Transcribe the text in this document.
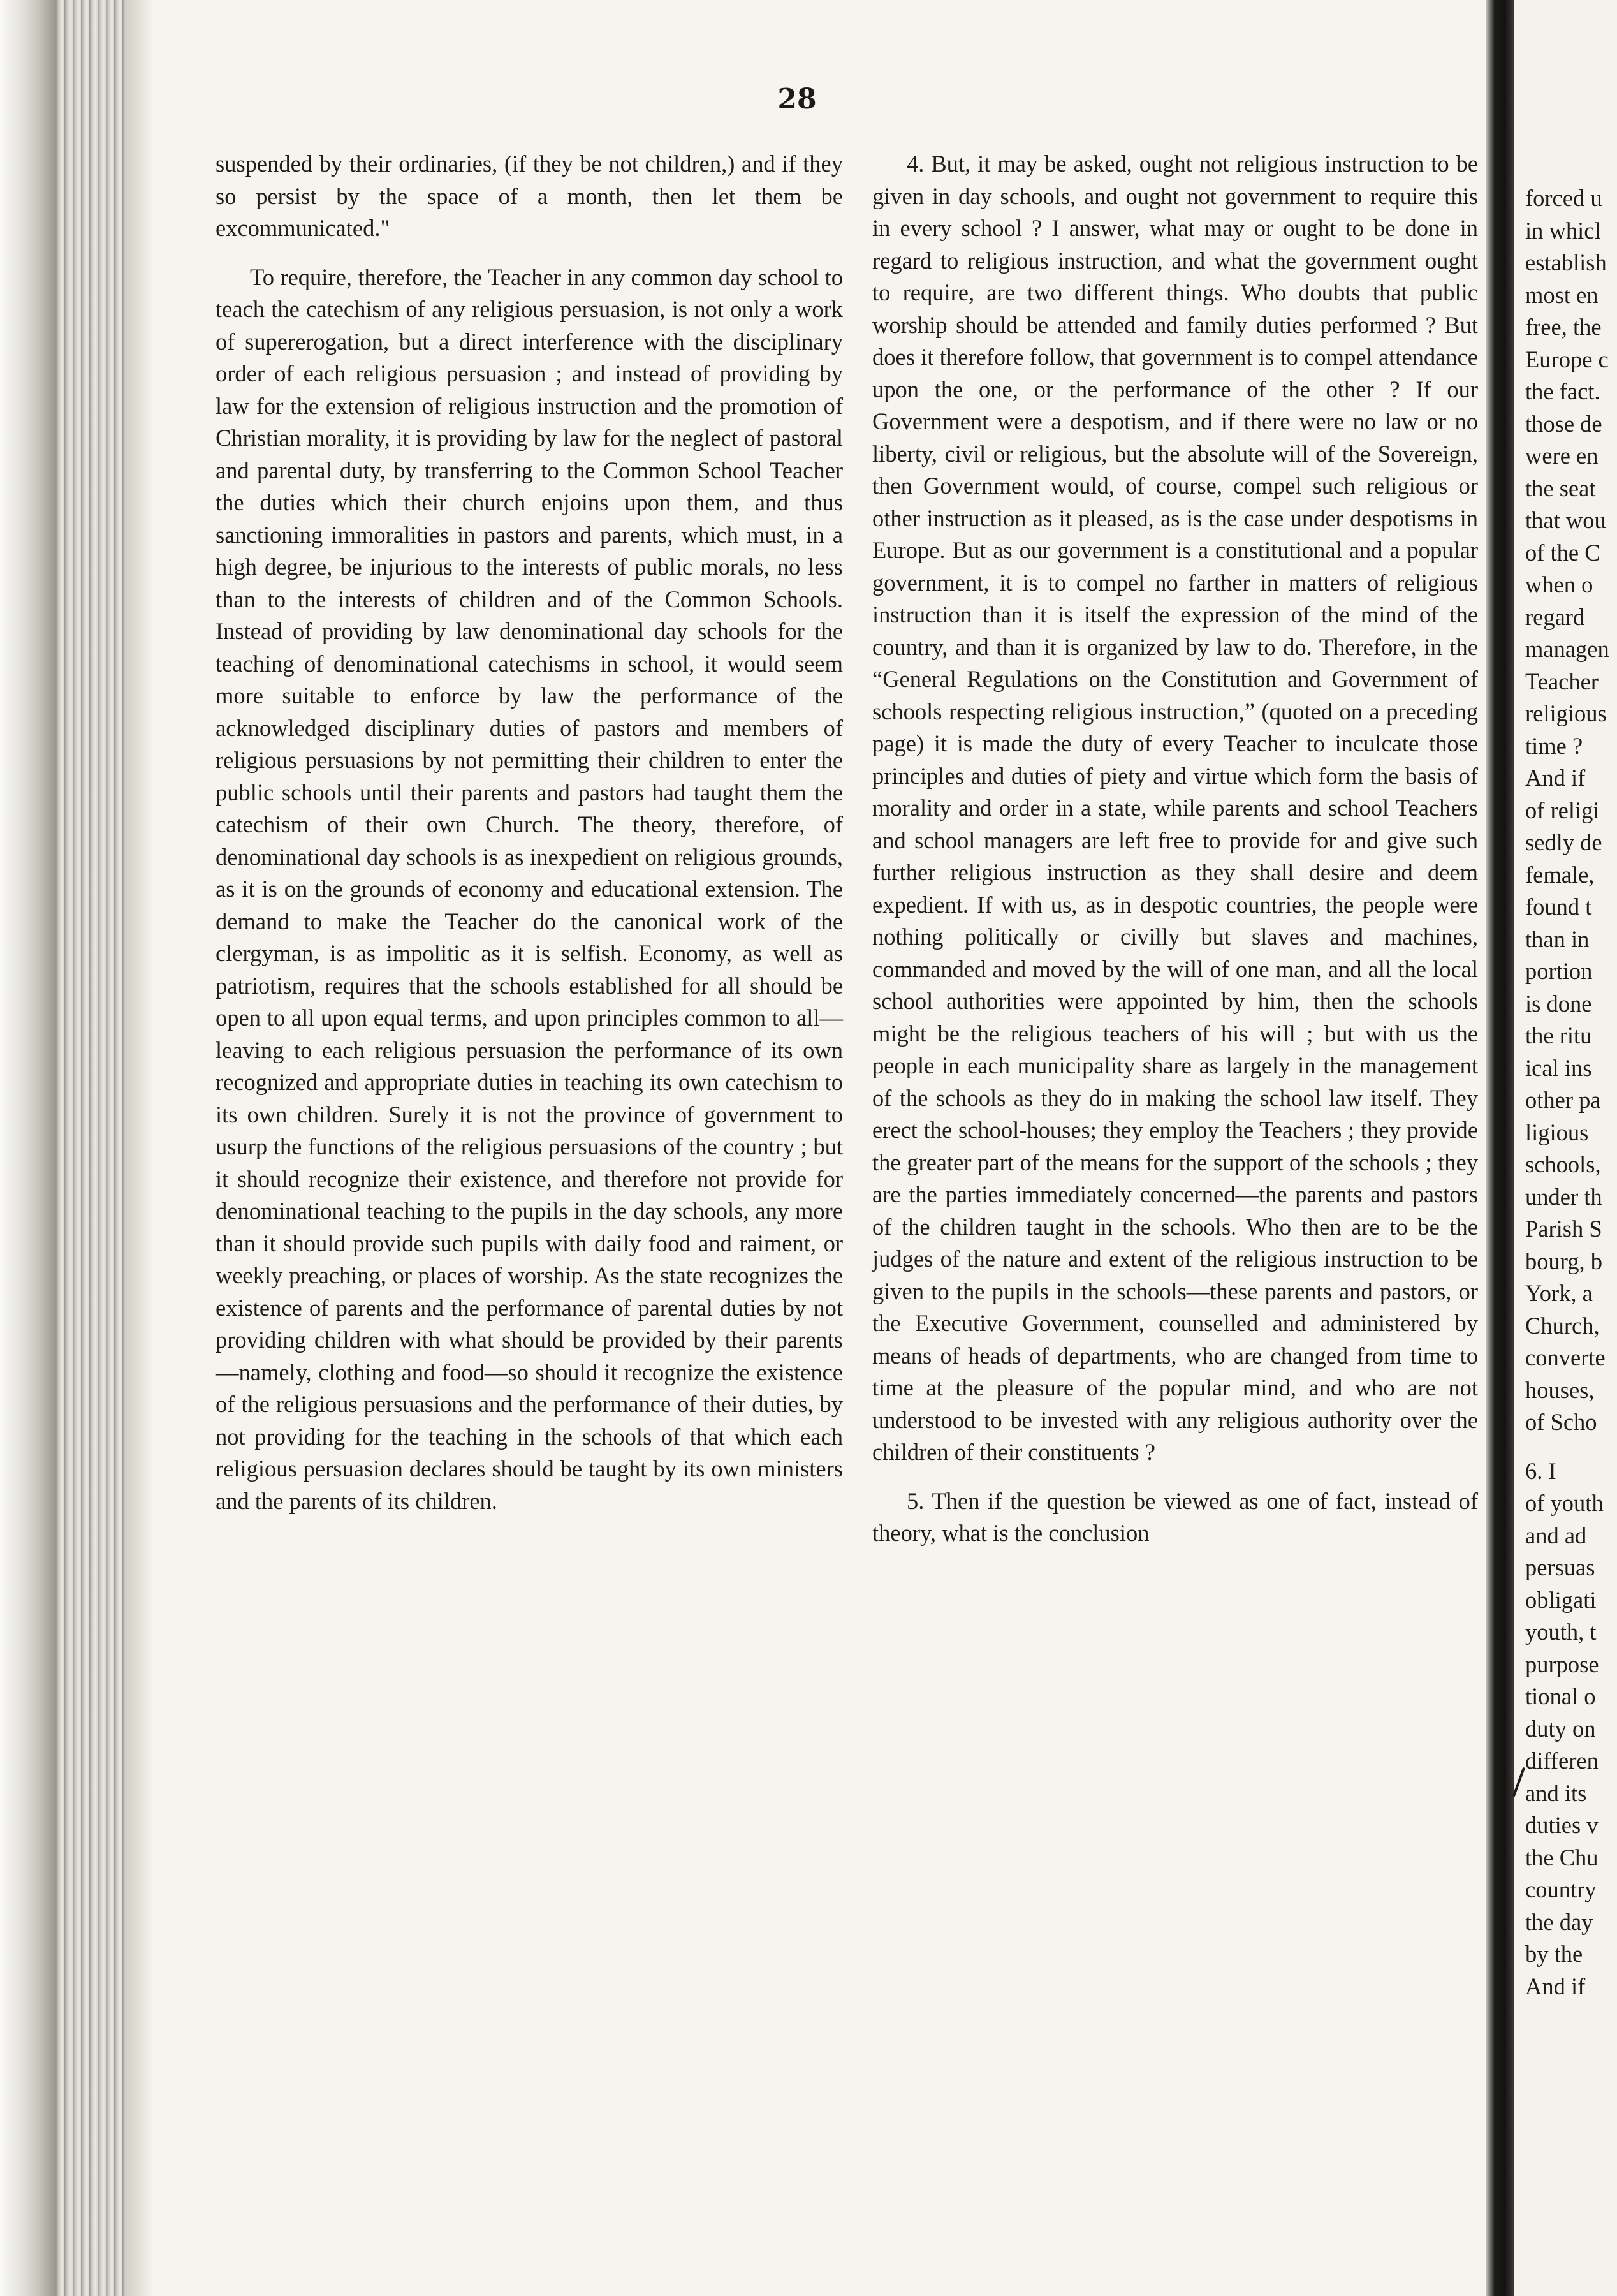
28

suspended by their ordinaries, (if they be not children,) and if they so persist by the space of a month, then let them be excommunicated."

To require, therefore, the Teacher in any common day school to teach the catechism of any religious persuasion, is not only a work of supererogation, but a direct interference with the disciplinary order of each religious persuasion ; and instead of providing by law for the extension of religious instruction and the promotion of Christian morality, it is providing by law for the neglect of pastoral and parental duty, by transferring to the Common School Teacher the duties which their church enjoins upon them, and thus sanctioning immoralities in pastors and parents, which must, in a high degree, be injurious to the interests of public morals, no less than to the interests of children and of the Common Schools. Instead of providing by law denominational day schools for the teaching of denominational catechisms in school, it would seem more suitable to enforce by law the performance of the acknowledged disciplinary duties of pastors and members of religious persuasions by not permitting their children to enter the public schools until their parents and pastors had taught them the catechism of their own Church. The theory, therefore, of denominational day schools is as inexpedient on religious grounds, as it is on the grounds of economy and educational extension. The demand to make the Teacher do the canonical work of the clergyman, is as impolitic as it is selfish. Economy, as well as patriotism, requires that the schools established for all should be open to all upon equal terms, and upon principles common to all—leaving to each religious persuasion the performance of its own recognized and appropriate duties in teaching its own catechism to its own children. Surely it is not the province of government to usurp the functions of the religious persuasions of the country ; but it should recognize their existence, and therefore not provide for denominational teaching to the pupils in the day schools, any more than it should provide such pupils with daily food and raiment, or weekly preaching, or places of worship. As the state recognizes the existence of parents and the performance of parental duties by not providing children with what should be provided by their parents—namely, clothing and food—so should it recognize the existence of the religious persuasions and the performance of their duties, by not providing for the teaching in the schools of that which each religious persuasion declares should be taught by its own ministers and the parents of its children.

4. But, it may be asked, ought not religious instruction to be given in day schools, and ought not government to require this in every school ? I answer, what may or ought to be done in regard to religious instruction, and what the government ought to require, are two different things. Who doubts that public worship should be attended and family duties performed ? But does it therefore follow, that government is to compel attendance upon the one, or the performance of the other ? If our Government were a despotism, and if there were no law or no liberty, civil or religious, but the absolute will of the Sovereign, then Government would, of course, compel such religious or other instruction as it pleased, as is the case under despotisms in Europe. But as our government is a constitutional and a popular government, it is to compel no farther in matters of religious instruction than it is itself the expression of the mind of the country, and than it is organized by law to do. Therefore, in the “General Regulations on the Constitution and Government of schools respecting religious instruction,” (quoted on a preceding page) it is made the duty of every Teacher to inculcate those principles and duties of piety and virtue which form the basis of morality and order in a state, while parents and school Teachers and school managers are left free to provide for and give such further religious instruction as they shall desire and deem expedient. If with us, as in despotic countries, the people were nothing politically or civilly but slaves and machines, commanded and moved by the will of one man, and all the local school authorities were appointed by him, then the schools might be the religious teachers of his will ; but with us the people in each municipality share as largely in the management of the schools as they do in making the school law itself. They erect the school-houses; they employ the Teachers ; they provide the greater part of the means for the support of the schools ; they are the parties immediately concerned—the parents and pastors of the children taught in the schools. Who then are to be the judges of the nature and extent of the religious instruction to be given to the pupils in the schools—these parents and pastors, or the Executive Government, counselled and administered by means of heads of departments, who are changed from time to time at the pleasure of the popular mind, and who are not understood to be invested with any religious authority over the children of their constituents ?

5. Then if the question be viewed as one of fact, instead of theory, what is the conclusion

forced u
in whicl
establish
most en
free, the
Europe c
the fact.
those de
were en
the seat
that wou
of the C
when o
regard
managen
Teacher
religious
time ?
And if
of religi
sedly de
female,
found t
than in
portion
is done
the ritu
ical ins
other pa
ligious
schools,
under th
Parish S
bourg, b
York, a
Church,
converte
houses,
of Scho
6. I
of youth
and ad
persuas
obligati
youth, t
purpose
tional o
duty on
differen
and its
duties v
the Chu
country
the day
by the
And if
